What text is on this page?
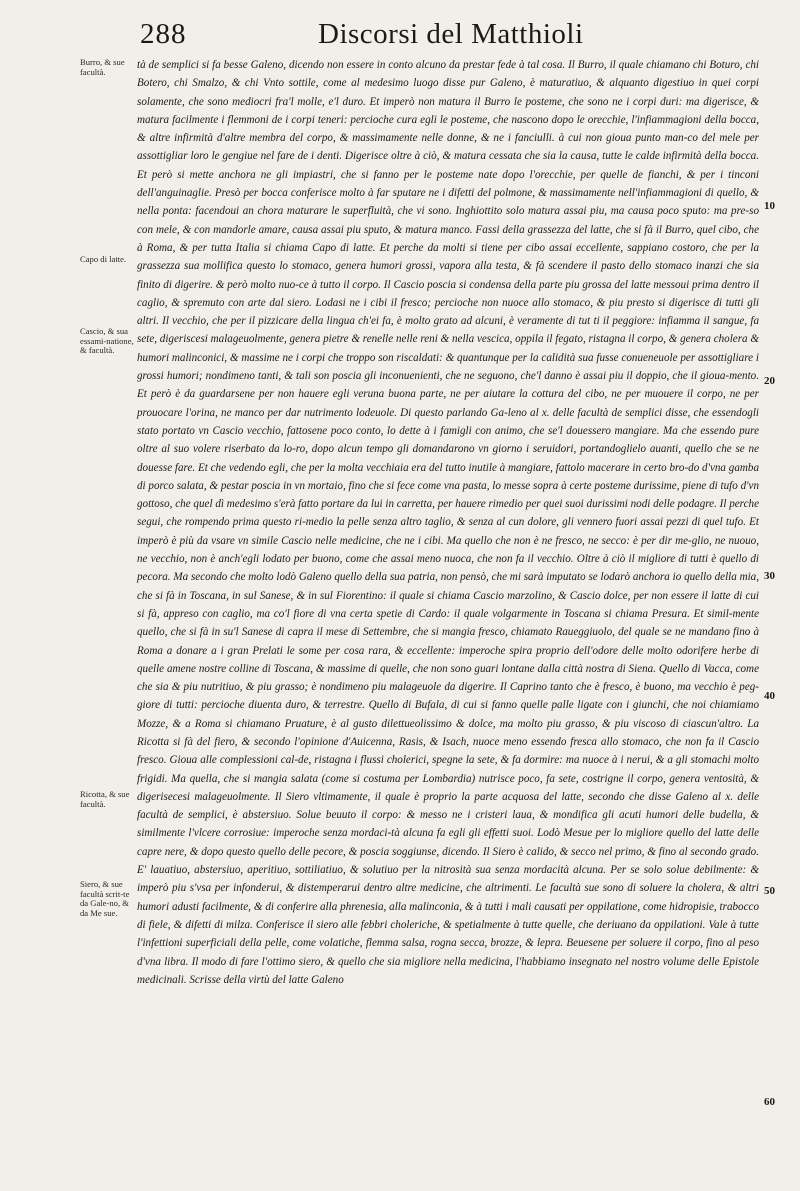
288	Discorsi del Matthioli
Burro, & sue facultà.
Capo di latte.
Cascio, & sua essami-natione, & facultà.
Ricotta, & sue facultà.
Siero, & sue facultà scrit-te da Gale-no, & da Me sue.
10
20
30
40
50
60

tà de semplici si fa besse Galeno, dicendo non essere in conto alcuno da prestar fede à tal cosa. Il Burro, il quale chiamano chi Boturo, chi Botero, chi Smalzo, & chi Vnto sottile, come al medesimo luogo disse pur Galeno, è maturatiuo, & alquanto digestiuo in quei corpi solamente, che sono mediocri fra'l molle, e'l duro. Et imperò non matura il Burro le posteme, che sono ne i corpi duri: ma digerisce, & matura facilmente i flemmoni de i corpi teneri: percioche cura egli le posteme, che nascono dopo le orecchie, l'infiammagioni della bocca, & altre infirmità d'altre membra del corpo, & massimamente nelle donne, & ne i fanciulli. à cui non gioua punto man-co del mele per assottigliar loro le gengiue nel fare de i denti. Digerisce oltre à ciò, & matura cessata che sia la causa, tutte le calde infirmità della bocca. Et però si mette anchora ne gli impiastri, che si fanno per le posteme nate dopo l'orecchie, per quelle de fianchi, & per i tinconi dell'anguinaglie. Presò per bocca conferisce molto à far sputare ne i difetti del polmone, & massimamente nell'infiammagioni di quello, & nella ponta: facendoui an chora maturare le superfluità, che vi sono. Inghiottito solo matura assai piu, ma causa poco sputo: ma pre-so con mele, & con mandorle amare, causa assai piu sputo, & matura manco. Fassi della grassezza del latte, che si fà il Burro, quel cibo, che à Roma, & per tutta Italia si chiama Capo di latte. Et perche da molti si tiene per cibo assai eccellente, sappiano costoro, che per la grassezza sua mollifica questo lo stomaco, genera humori grossi, vapora alla testa, & fà scendere il pasto dello stomaco inanzi che sia finito di digerire. & però molto nuo-ce à tutto il corpo. Il Cascio poscia si condensa della parte piu grossa del latte messoui prima dentro il caglio, & spremuto con arte dal siero. Lodasi ne i cibi il fresco; percioche non nuoce allo stomaco, & piu presto si digerisce di tutti gli altri. Il vecchio, che per il pizzicare della lingua ch'ei fa, è molto grato ad alcuni, è veramente di tut ti il peggiore: infiamma il sangue, fa sete, digeriscesi malageuolmente, genera pietre & renelle nelle reni & nella vescica, oppila il fegato, ristagna il corpo, & genera cholera & humori malinconici, & massime ne i corpi che troppo son riscaldati: & quantunque per la calidità sua fusse conueneuole per assottigliare i grossi humori; nondimeno tanti, & tali son poscia gli inconuenienti, che ne seguono, che'l danno è assai piu il doppio, che il gioua-mento. Et però è da guardarsene per non hauere egli veruna buona parte, ne per aiutare la cottura del cibo, ne per muouere il corpo, ne per prouocare l'orina, ne manco per dar nutrimento lodeuole. Di questo parlando Ga-leno al x. delle facultà de semplici disse, che essendogli stato portato vn Cascio vecchio, fattosene poco conto, lo dette à i famigli con animo, che se'l douessero mangiare. Ma che essendo pure oltre al suo volere riserbato da lo-ro, dopo alcun tempo gli domandarono vn giorno i seruidori, portandoglielo auanti, quello che se ne douesse fare. Et che vedendo egli, che per la molta vecchiaia era del tutto inutile à mangiare, fattolo macerare in certo bro-do d'vna gamba di porco salata, & pestar poscia in vn mortaio, fino che si fece come vna pasta, lo messe sopra à certe posteme durissime, piene di tufo d'vn gottoso, che quel dì medesimo s'erà fatto portare da lui in carretta, per hauere rimedio per quei suoi durissimi nodi delle podagre. Il perche segui, che rompendo prima questo ri-medio la pelle senza altro taglio, & senza al cun dolore, gli vennero fuori assai pezzi di quel tufo. Et imperò è più da vsare vn simile Cascio nelle medicine, che ne i cibi. Ma quello che non è ne fresco, ne secco: è per dir me-glio, ne nuouo, ne vecchio, non è anch'egli lodato per buono, come che assai meno nuoca, che non fa il vecchio. Oltre à ciò il migliore di tutti è quello di pecora. Ma secondo che molto lodò Galeno quello della sua patria, non pensò, che mi sarà imputato se lodarò anchora io quello della mia, che si fà in Toscana, in sul Sanese, & in sul Fiorentino: il quale si chiama Cascio marzolino, & Cascio dolce, per non essere il latte di cui si fà, appreso con caglio, ma co'l fiore di vna certa spetie di Cardo: il quale volgarmente in Toscana si chiama Presura. Et simil-mente quello, che si fà in su'l Sanese di capra il mese di Settembre, che si mangia fresco, chiamato Raueggiuolo, del quale se ne mandano fino à Roma a donare a i gran Prelati le some per cosa rara, & eccellente: imperoche spira proprio dell'odore delle molto odorifere herbe di quelle amene nostre colline di Toscana, & massime di quelle, che non sono guari lontane dalla città nostra di Siena. Quello di Vacca, come che sia & piu nutritiuo, & piu grasso; è nondimeno piu malageuole da digerire. Il Caprino tanto che è fresco, è buono, ma vecchio è peg-giore di tutti: percioche diuenta duro, & terrestre. Quello di Bufala, di cui si fanno quelle palle ligate con i giunchi, che noi chiamiamo Mozze, & a Roma si chiamano Pruature, è al gusto dilettueolissimo & dolce, ma molto piu grasso, & piu viscoso di ciascun'altro. La Ricotta si fà del fiero, & secondo l'opinione d'Auicenna, Rasis, & Isach, nuoce meno essendo fresca allo stomaco, che non fa il Cascio fresco. Gioua alle complessioni cal-de, ristagna i flussi cholerici, spegne la sete, & fa dormire: ma nuoce à i nerui, & a gli stomachi molto frigidi. Ma quella, che si mangia salata (come si costuma per Lombardia) nutrisce poco, fa sete, costrigne il corpo, genera ventosità, & digerisecesi malageuolmente. Il Siero vltimamente, il quale è proprio la parte acquosa del latte, secondo che disse Galeno al x. delle facultà de semplici, è abstersiuo. Solue beuuto il corpo: & messo ne i cristeri laua, & mondifica gli acuti humori delle budella, & similmente l'vlcere corrosiue: imperoche senza mordaci-tà alcuna fa egli gli effetti suoi. Lodò Mesue per lo migliore quello del latte delle capre nere, & dopo questo quello delle pecore, & poscia soggiunse, dicendo. Il Siero è calido, & secco nel primo, & fino al secondo grado. E' lauatiuo, abstersiuo, aperitiuo, sottiliatiuo, & solutiuo per la nitrosità sua senza mordacità alcuna. Per se solo solue debilmente: & imperò piu s'vsa per infonderui, & distemperarui dentro altre medicine, che altrimenti. Le facultà sue sono di soluere la cholera, & altri humori adusti facilmente, & di conferire alla phrenesia, alla malinconia, & à tutti i mali causati per oppilatione, come hidropisie, trabocco di fiele, & difetti di milza. Conferisce il siero alle febbri choleriche, & spetialmente à tutte quelle, che deriuano da oppilationi. Vale à tutte l'infettioni superficiali della pelle, come volatiche, flemma salsa, rogna secca, brozze, & lepra. Beuesene per soluere il corpo, fino al peso d'vna libra. Il modo di fare l'ottimo siero, & quello che sia migliore nella medicina, l'habbiamo insegnato nel nostro volume delle Epistole medicinali. Scrisse della virtù del latte Galeno
